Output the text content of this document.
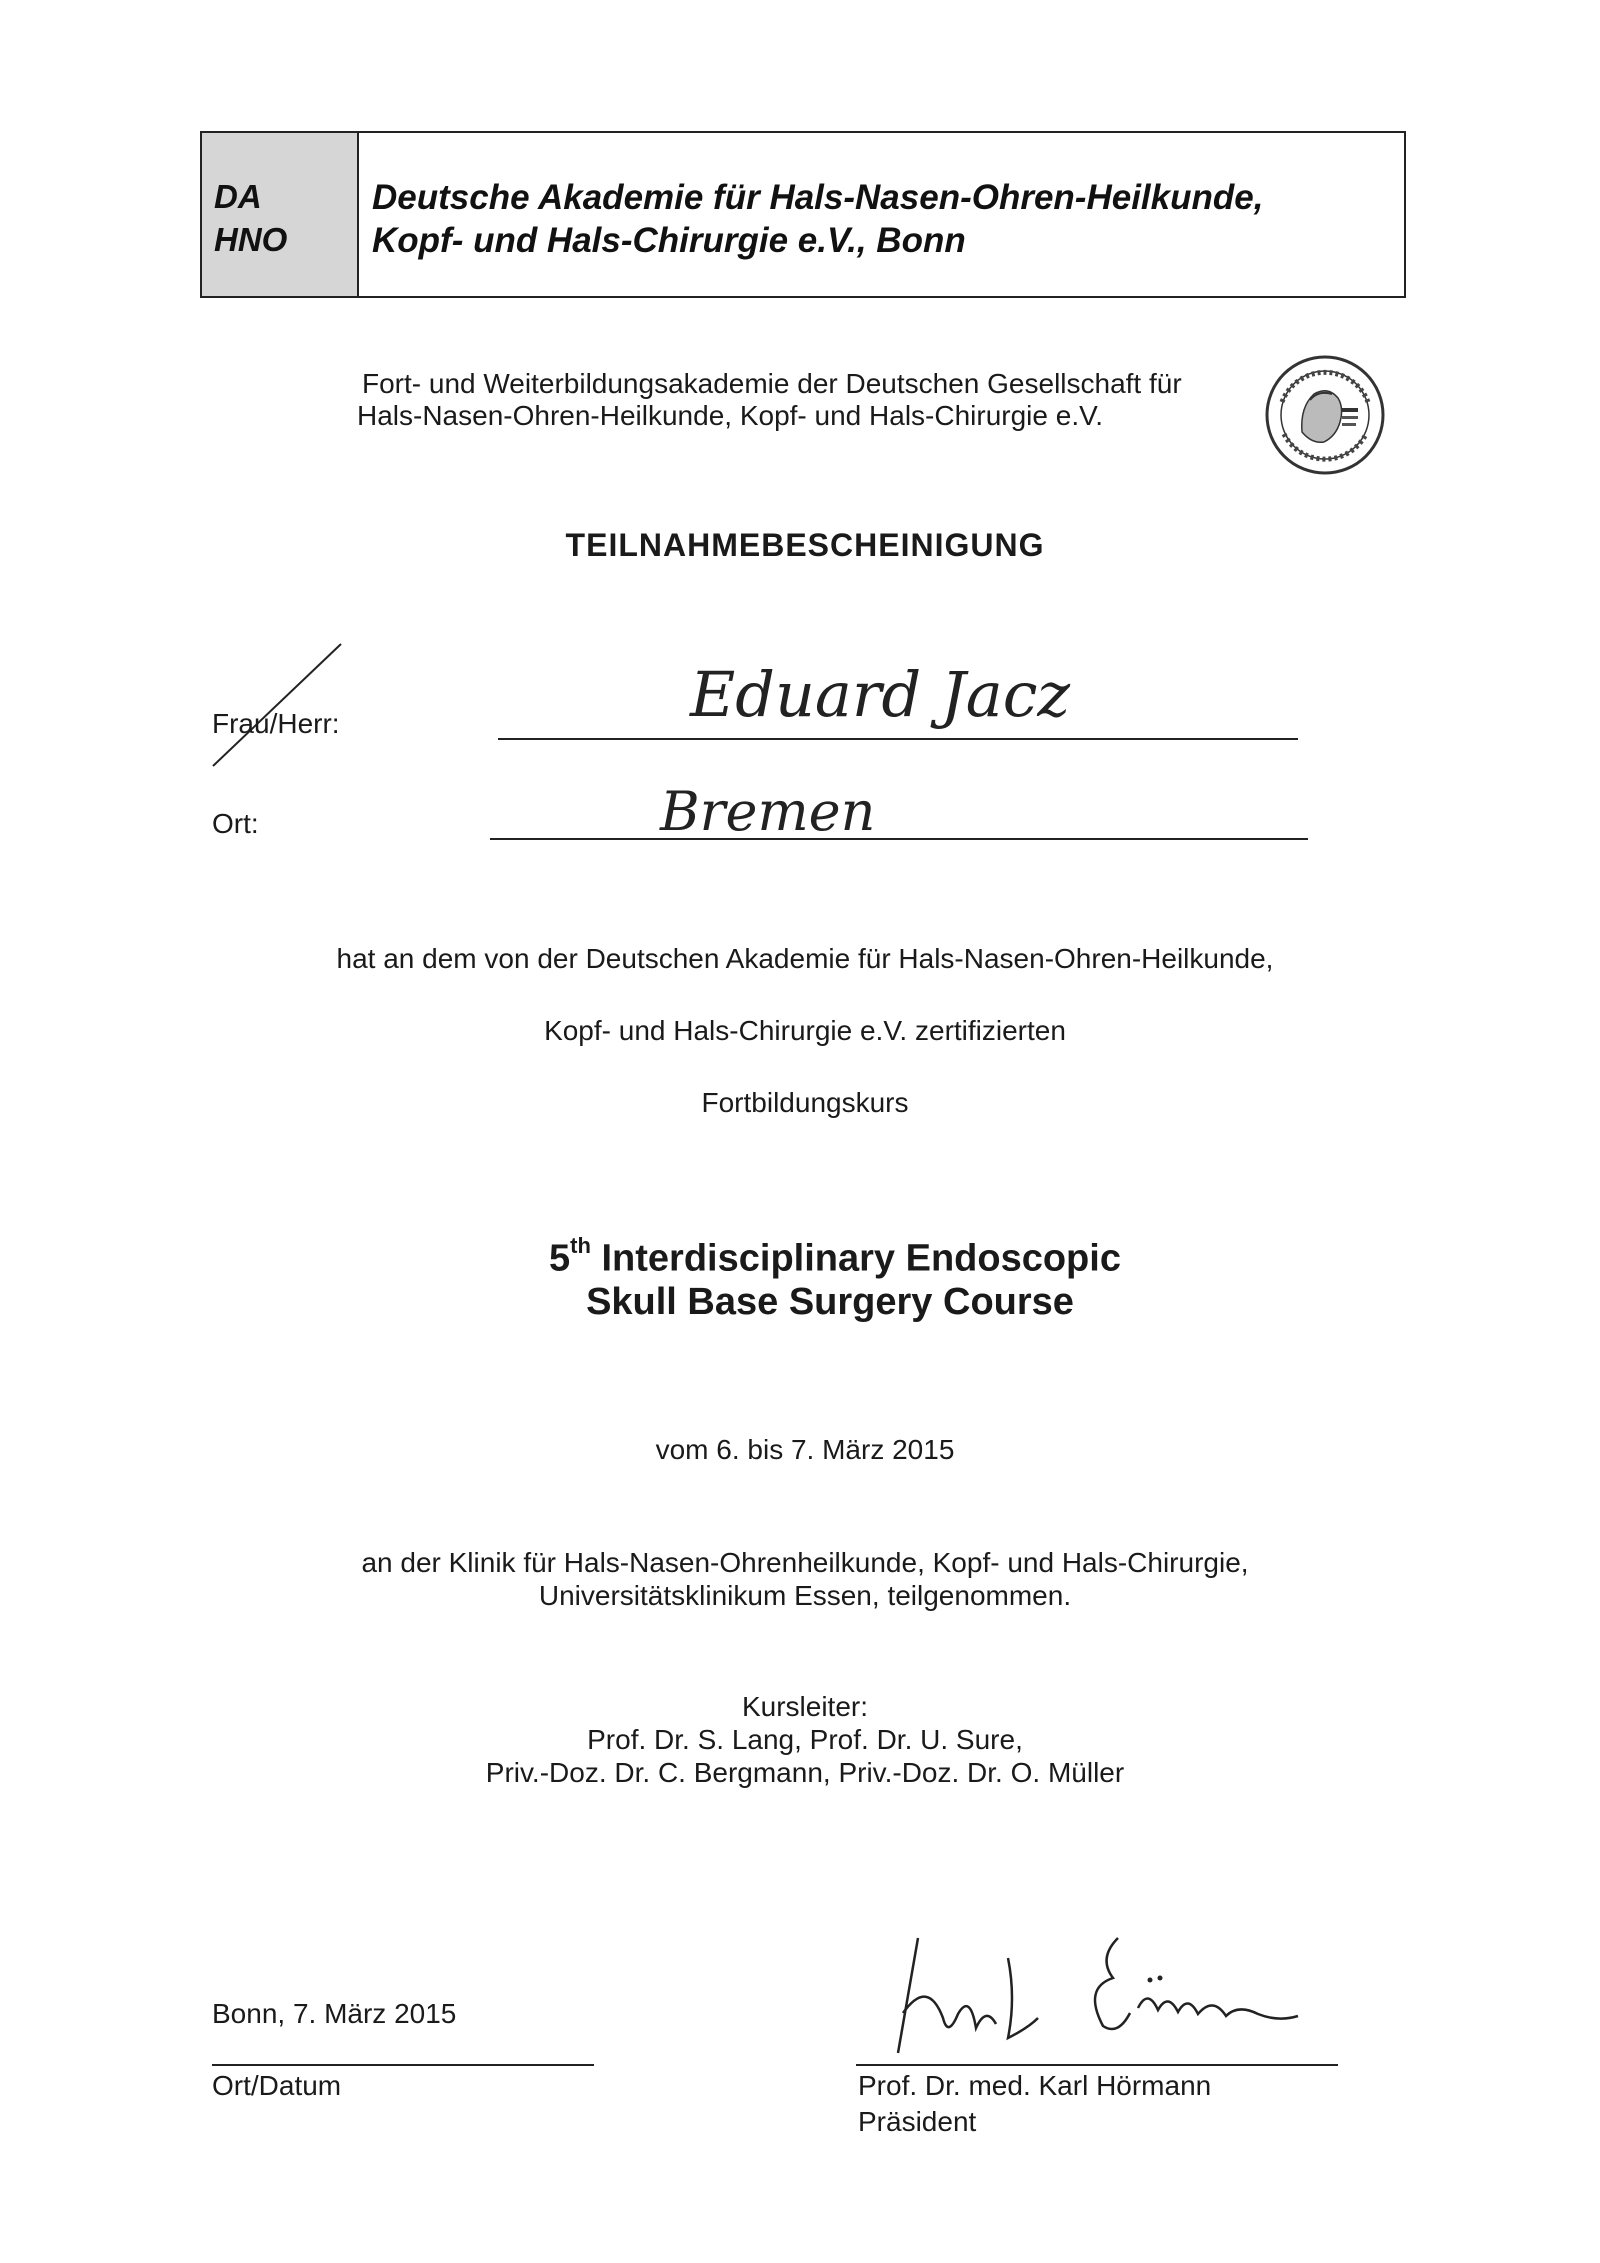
DA
HNO
Deutsche Akademie für Hals-Nasen-Ohren-Heilkunde,
Kopf- und Hals-Chirurgie e.V., Bonn
Fort- und Weiterbildungsakademie der Deutschen Gesellschaft für
Hals-Nasen-Ohren-Heilkunde, Kopf- und Hals-Chirurgie e.V.
TEILNAHMEBESCHEINIGUNG
Frau/Herr:	Eduard Jacz
Ort:	Bremen
hat an dem von der Deutschen Akademie für Hals-Nasen-Ohren-Heilkunde,
Kopf- und Hals-Chirurgie e.V. zertifizierten
Fortbildungskurs
5th Interdisciplinary Endoscopic
Skull Base Surgery Course
vom 6. bis 7. März 2015
an der Klinik für Hals-Nasen-Ohrenheilkunde, Kopf- und Hals-Chirurgie,
Universitätsklinikum Essen, teilgenommen.
Kursleiter:
Prof. Dr. S. Lang, Prof. Dr. U. Sure,
Priv.-Doz. Dr. C. Bergmann, Priv.-Doz. Dr. O. Müller
Bonn, 7. März 2015
Ort/Datum	Prof. Dr. med. Karl Hörmann
Präsident
